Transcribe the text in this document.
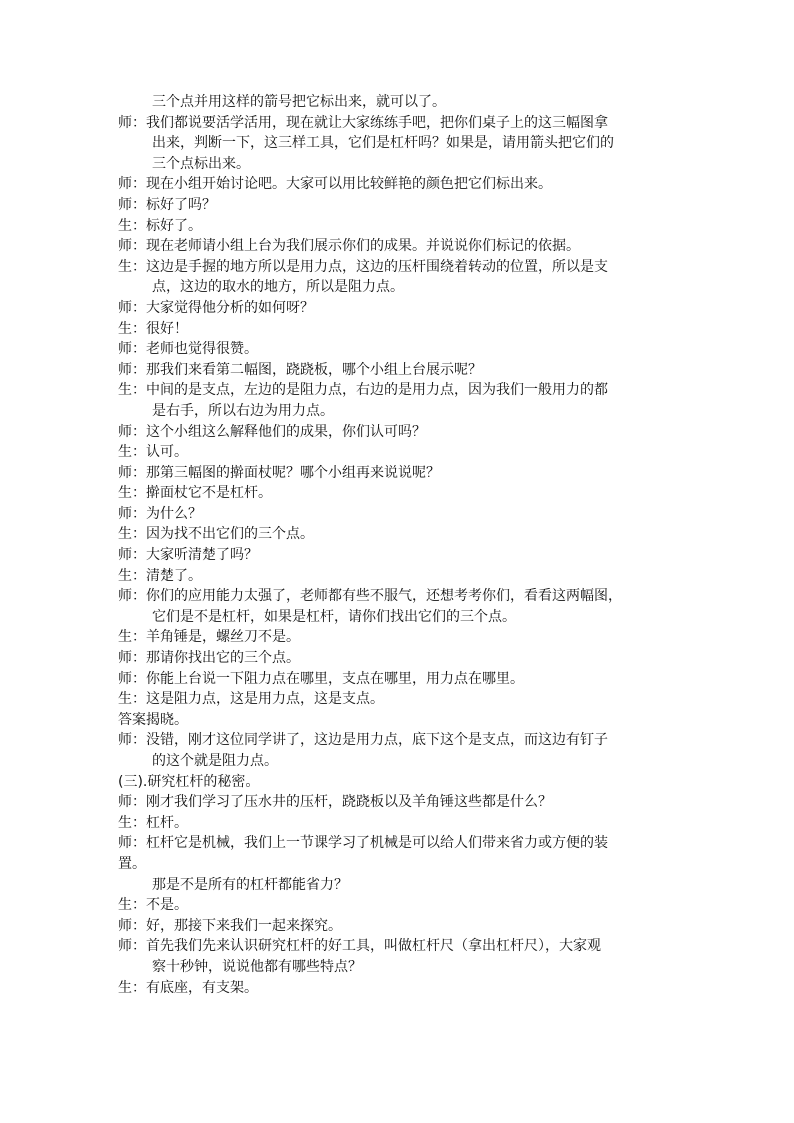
三个点并用这样的箭号把它标出来，就可以了。
师：我们都说要活学活用，现在就让大家练练手吧，把你们桌子上的这三幅图拿
出来，判断一下，这三样工具，它们是杠杆吗？如果是，请用箭头把它们的
三个点标出来。
师：现在小组开始讨论吧。大家可以用比较鲜艳的颜色把它们标出来。
师：标好了吗？
生：标好了。
师：现在老师请小组上台为我们展示你们的成果。并说说你们标记的依据。
生：这边是手握的地方所以是用力点，这边的压杆围绕着转动的位置，所以是支
点，这边的取水的地方，所以是阻力点。
师：大家觉得他分析的如何呀？
生：很好！
师：老师也觉得很赞。
师：那我们来看第二幅图，跷跷板，哪个小组上台展示呢？
生：中间的是支点，左边的是阻力点，右边的是用力点，因为我们一般用力的都
是右手，所以右边为用力点。
师：这个小组这么解释他们的成果，你们认可吗？
生：认可。
师：那第三幅图的擀面杖呢？哪个小组再来说说呢？
生：擀面杖它不是杠杆。
师：为什么？
生：因为找不出它们的三个点。
师：大家听清楚了吗？
生：清楚了。
师：你们的应用能力太强了，老师都有些不服气，还想考考你们，看看这两幅图，
它们是不是杠杆，如果是杠杆，请你们找出它们的三个点。
生：羊角锤是，螺丝刀不是。
师：那请你找出它的三个点。
师：你能上台说一下阻力点在哪里，支点在哪里，用力点在哪里。
生：这是阻力点，这是用力点，这是支点。
答案揭晓。
师：没错，刚才这位同学讲了，这边是用力点，底下这个是支点，而这边有钉子
的这个就是阻力点。
(三).研究杠杆的秘密。
师：刚才我们学习了压水井的压杆，跷跷板以及羊角锤这些都是什么？
生：杠杆。
师：杠杆它是机械，我们上一节课学习了机械是可以给人们带来省力或方便的装
置。
那是不是所有的杠杆都能省力？
生：不是。
师：好，那接下来我们一起来探究。
师：首先我们先来认识研究杠杆的好工具，叫做杠杆尺（拿出杠杆尺），大家观
察十秒钟，说说他都有哪些特点？
生：有底座，有支架。
